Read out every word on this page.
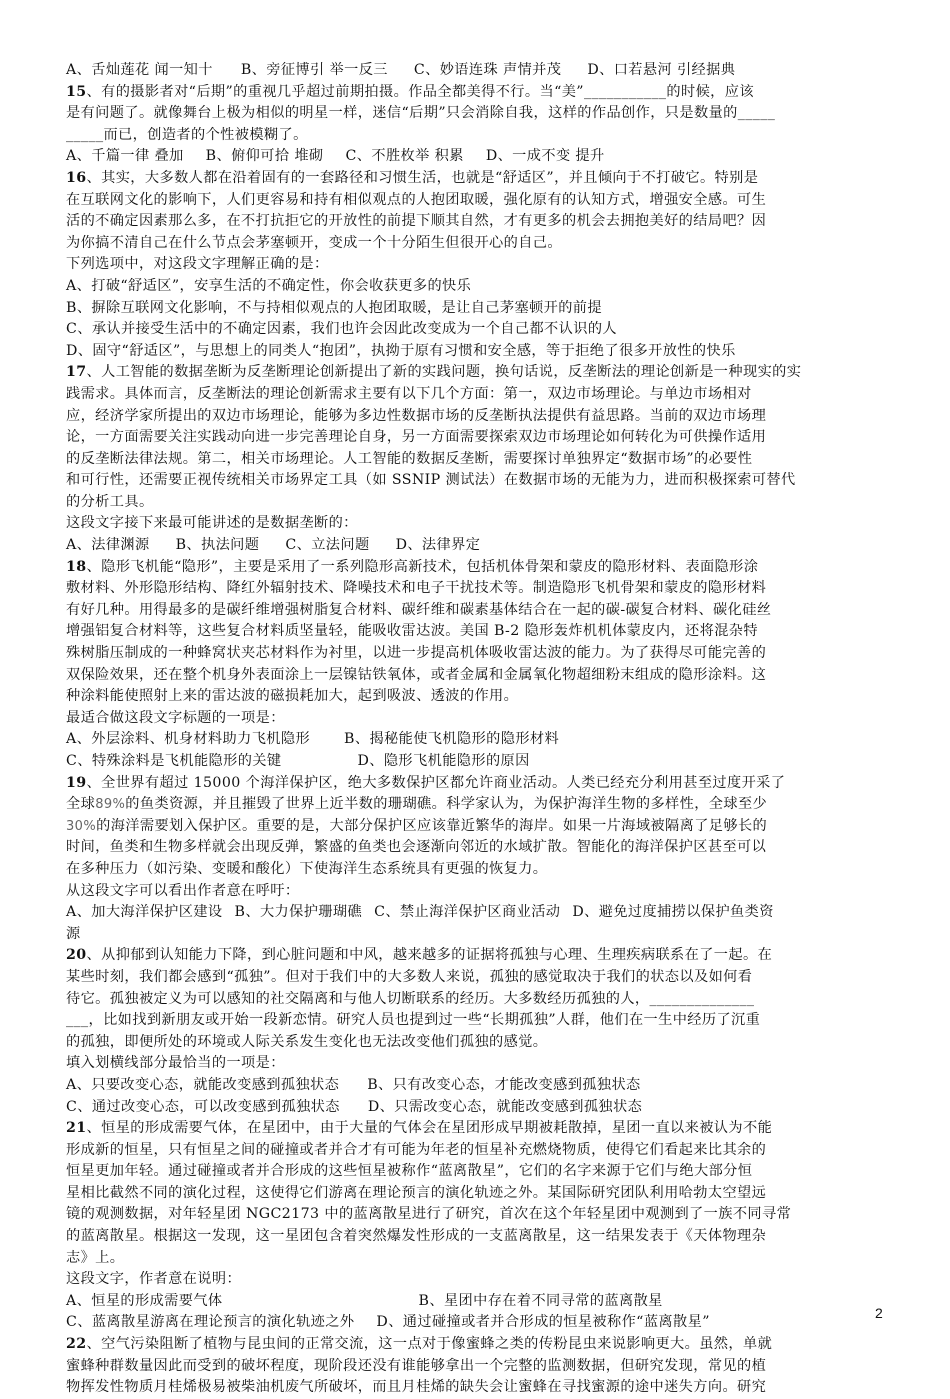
A、舌灿莲花 闻一知十 B、旁征博引 举一反三 C、妙语连珠 声情并茂 D、口若悬河 引经据典
15、有的摄影者对“后期”的重视几乎超过前期拍摄。作品全都美得不行。当“美”___________的时候，应该
是有问题了。就像舞台上极为相似的明星一样，迷信“后期”只会消除自我，这样的作品创作，只是数量的_____
_____而已，创造者的个性被模糊了。
A、千篇一律 叠加 B、俯仰可拾 堆砌 C、不胜枚举 积累 D、一成不变 提升
16、其实，大多数人都在沿着固有的一套路径和习惯生活，也就是“舒适区”，并且倾向于不打破它。特别是
在互联网文化的影响下，人们更容易和持有相似观点的人抱团取暖，强化原有的认知方式，增强安全感。可生
活的不确定因素那么多，在不打抗拒它的开放性的前提下顺其自然，才有更多的机会去拥抱美好的结局吧？因
为你搞不清自己在什么节点会茅塞顿开，变成一个十分陌生但很开心的自己。
下列选项中，对这段文字理解正确的是：
A、打破“舒适区”，安享生活的不确定性，你会收获更多的快乐
B、摒除互联网文化影响，不与持相似观点的人抱团取暖，是让自己茅塞顿开的前提
C、承认并接受生活中的不确定因素，我们也许会因此改变成为一个自己都不认识的人
D、固守“舒适区”，与思想上的同类人“抱团”，执拗于原有习惯和安全感，等于拒绝了很多开放性的快乐
17、人工智能的数据垄断为反垄断理论创新提出了新的实践问题，换句话说，反垄断法的理论创新是一种现实的实
践需求。具体而言，反垄断法的理论创新需求主要有以下几个方面：第一，双边市场理论。与单边市场相对
应，经济学家所提出的双边市场理论，能够为多边性数据市场的反垄断执法提供有益思路。当前的双边市场理
论，一方面需要关注实践动向进一步完善理论自身，另一方面需要探索双边市场理论如何转化为可供操作适用
的反垄断法律法规。第二，相关市场理论。人工智能的数据反垄断，需要探讨单独界定“数据市场”的必要性
和可行性，还需要正视传统相关市场界定工具（如 SSNIP 测试法）在数据市场的无能为力，进而积极探索可替代
的分析工具。
这段文字接下来最可能讲述的是数据垄断的：
A、法律渊源 B、执法问题 C、立法问题 D、法律界定
18、隐形飞机能“隐形”，主要是采用了一系列隐形高新技术，包括机体骨架和蒙皮的隐形材料、表面隐形涂
敷材料、外形隐形结构、降红外辐射技术、降噪技术和电子干扰技术等。制造隐形飞机骨架和蒙皮的隐形材料
有好几种。用得最多的是碳纤维增强树脂复合材料、碳纤维和碳素基体结合在一起的碳-碳复合材料、碳化硅丝
增强铝复合材料等，这些复合材料质坚量轻，能吸收雷达波。美国 B-2 隐形轰炸机机体蒙皮内，还将混杂特
殊树脂压制成的一种蜂窝状夹芯材料作为衬里，以进一步提高机体吸收雷达波的能力。为了获得尽可能完善的
双保险效果，还在整个机身外表面涂上一层镍钴铁氧体，或者金属和金属氧化物超细粉末组成的隐形涂料。这
种涂料能使照射上来的雷达波的磁损耗加大，起到吸波、透波的作用。
最适合做这段文字标题的一项是：
A、外层涂料、机身材料助力飞机隐形 B、揭秘能使飞机隐形的隐形材料
C、特殊涂料是飞机能隐形的关键	D、隐形飞机能隐形的原因
19、全世界有超过 15000 个海洋保护区，绝大多数保护区都允许商业活动。人类已经充分利用甚至过度开采了
全球89%的鱼类资源，并且摧毁了世界上近半数的珊瑚礁。科学家认为，为保护海洋生物的多样性，全球至少
30%的海洋需要划入保护区。重要的是，大部分保护区应该靠近繁华的海岸。如果一片海域被隔离了足够长的
时间，鱼类和生物多样就会出现反弹，繁盛的鱼类也会逐渐向邻近的水域扩散。智能化的海洋保护区甚至可以
在多种压力（如污染、变暖和酸化）下使海洋生态系统具有更强的恢复力。
从这段文字可以看出作者意在呼吁：
A、加大海洋保护区建设 B、大力保护珊瑚礁 C、禁止海洋保护区商业活动 D、避免过度捕捞以保护鱼类资
源
20、从抑郁到认知能力下降，到心脏问题和中风，越来越多的证据将孤独与心理、生理疾病联系在了一起。在
某些时刻，我们都会感到“孤独”。但对于我们中的大多数人来说，孤独的感觉取决于我们的状态以及如何看
待它。孤独被定义为可以感知的社交隔离和与他人切断联系的经历。大多数经历孤独的人，______________
___，比如找到新朋友或开始一段新恋情。研究人员也提到过一些“长期孤独”人群，他们在一生中经历了沉重
的孤独，即便所处的环境或人际关系发生变化也无法改变他们孤独的感觉。
填入划横线部分最恰当的一项是：
A、只要改变心态，就能改变感到孤独状态 B、只有改变心态，才能改变感到孤独状态
C、通过改变心态，可以改变感到孤独状态 D、只需改变心态，就能改变感到孤独状态
21、恒星的形成需要气体，在星团中，由于大量的气体会在星团形成早期被耗散掉，星团一直以来被认为不能
形成新的恒星，只有恒星之间的碰撞或者并合才有可能为年老的恒星补充燃烧物质，使得它们看起来比其余的
恒星更加年轻。通过碰撞或者并合形成的这些恒星被称作“蓝离散星”，它们的名字来源于它们与绝大部分恒
星相比截然不同的演化过程，这使得它们游离在理论预言的演化轨迹之外。某国际研究团队利用哈勃太空望远
镜的观测数据，对年轻星团 NGC2173 中的蓝离散星进行了研究，首次在这个年轻星团中观测到了一族不同寻常
的蓝离散星。根据这一发现，这一星团包含着突然爆发性形成的一支蓝离散星，这一结果发表于《天体物理杂
志》上。
这段文字，作者意在说明：
A、恒星的形成需要气体	B、星团中存在着不同寻常的蓝离散星
C、蓝离散星游离在理论预言的演化轨迹之外 D、通过碰撞或者并合形成的恒星被称作“蓝离散星”
22、空气污染阻断了植物与昆虫间的正常交流，这一点对于像蜜蜂之类的传粉昆虫来说影响更大。虽然，单就
蜜蜂种群数量因此而受到的破坏程度，现阶段还没有谁能够拿出一个完整的监测数据，但研究发现，常见的植
物挥发性物质月桂烯极易被柴油机废气所破坏，而且月桂烯的缺失会让蜜蜂在寻找蜜源的途中迷失方向。研究
2
